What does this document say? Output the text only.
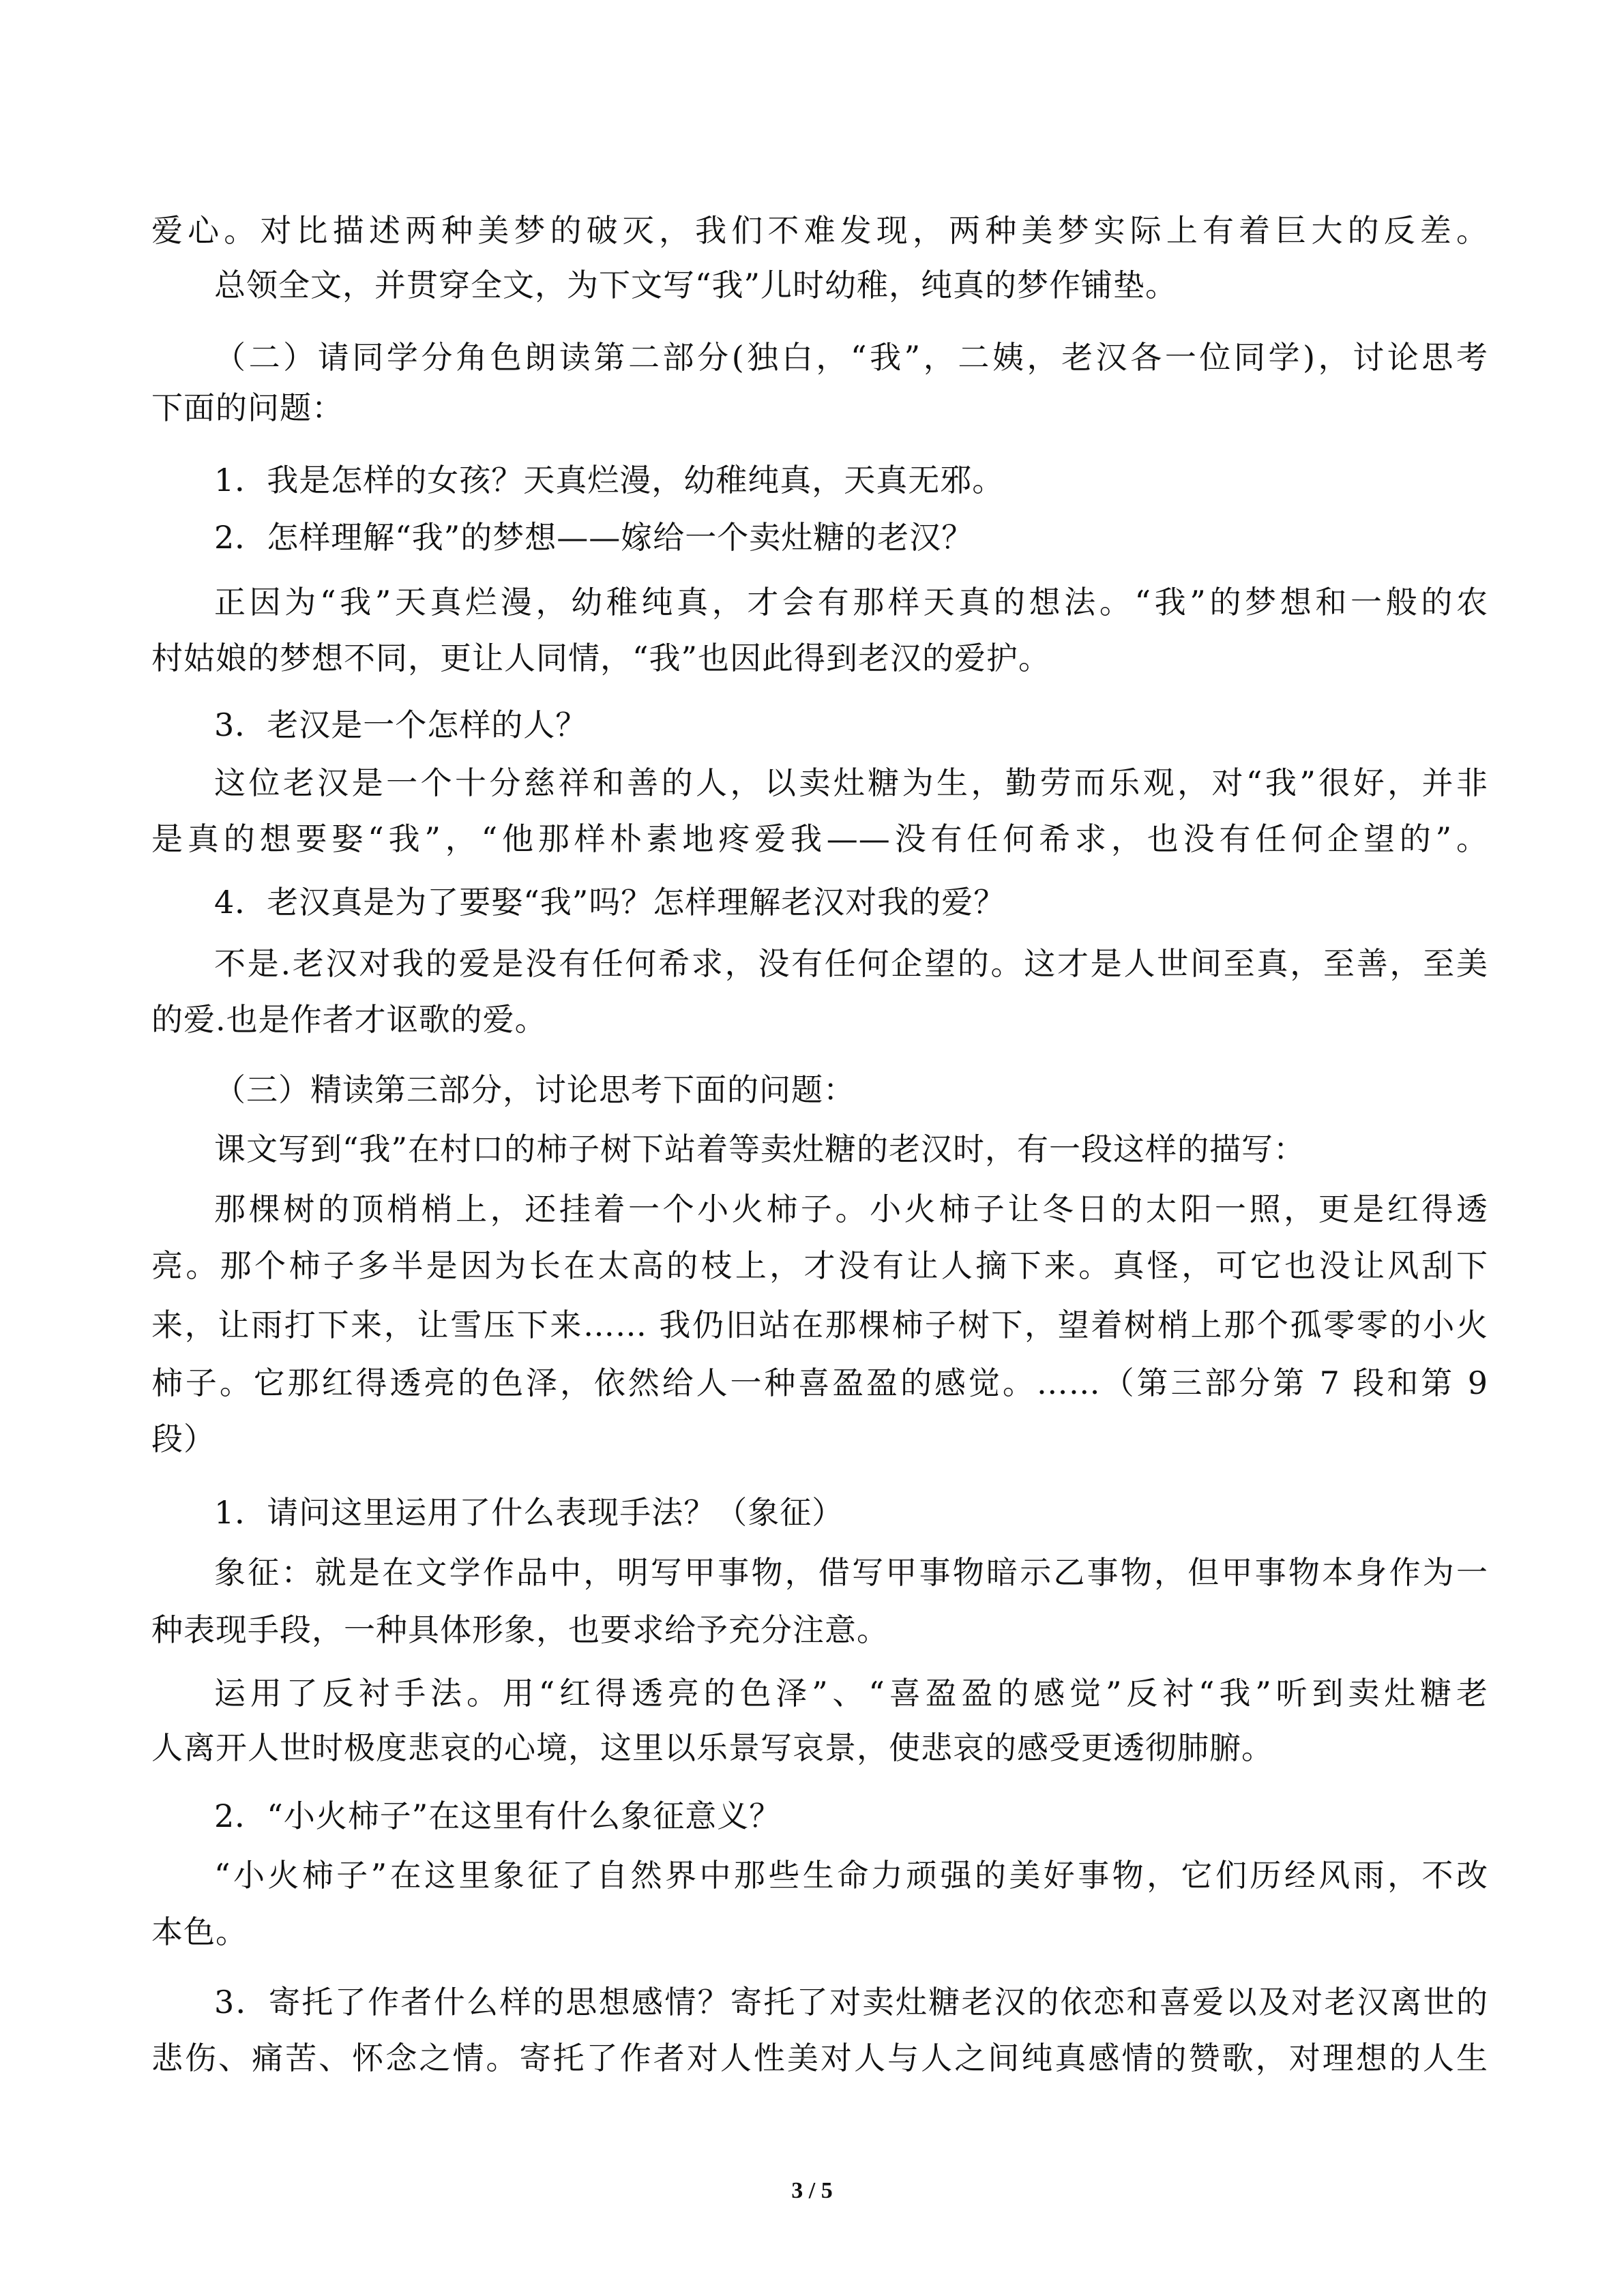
爱心。对比描述两种美梦的破灭，我们不难发现，两种美梦实际上有着巨大的反差。
总领全文，并贯穿全文，为下文写“我”儿时幼稚，纯真的梦作铺垫。
（二）请同学分角色朗读第二部分(独白，“我”，二姨，老汉各一位同学)，讨论思考
下面的问题：
1．我是怎样的女孩？天真烂漫，幼稚纯真，天真无邪。
2．怎样理解“我”的梦想——嫁给一个卖灶糖的老汉？
正因为“我”天真烂漫，幼稚纯真，才会有那样天真的想法。“我”的梦想和一般的农
村姑娘的梦想不同，更让人同情，“我”也因此得到老汉的爱护。
3．老汉是一个怎样的人？
这位老汉是一个十分慈祥和善的人，以卖灶糖为生，勤劳而乐观，对“我”很好，并非
是真的想要娶“我”，“他那样朴素地疼爱我——没有任何希求，也没有任何企望的”。
4．老汉真是为了要娶“我”吗？怎样理解老汉对我的爱？
不是.老汉对我的爱是没有任何希求，没有任何企望的。这才是人世间至真，至善，至美
的爱.也是作者才讴歌的爱。
（三）精读第三部分，讨论思考下面的问题：
课文写到“我”在村口的柿子树下站着等卖灶糖的老汉时，有一段这样的描写：
那棵树的顶梢梢上，还挂着一个小火柿子。小火柿子让冬日的太阳一照，更是红得透
亮。那个柿子多半是因为长在太高的枝上，才没有让人摘下来。真怪，可它也没让风刮下
来，让雨打下来，让雪压下来…… 我仍旧站在那棵柿子树下，望着树梢上那个孤零零的小火
柿子。它那红得透亮的色泽，依然给人一种喜盈盈的感觉。……（第三部分第 7 段和第 9
段）
1．请问这里运用了什么表现手法？（象征）
象征：就是在文学作品中，明写甲事物，借写甲事物暗示乙事物，但甲事物本身作为一
种表现手段，一种具体形象，也要求给予充分注意。
运用了反衬手法。用“红得透亮的色泽”、“喜盈盈的感觉”反衬“我”听到卖灶糖老
人离开人世时极度悲哀的心境，这里以乐景写哀景，使悲哀的感受更透彻肺腑。
2．“小火柿子”在这里有什么象征意义？
“小火柿子”在这里象征了自然界中那些生命力顽强的美好事物，它们历经风雨，不改
本色。
3．寄托了作者什么样的思想感情？寄托了对卖灶糖老汉的依恋和喜爱以及对老汉离世的
悲伤、痛苦、怀念之情。寄托了作者对人性美对人与人之间纯真感情的赞歌，对理想的人生
3 / 5
